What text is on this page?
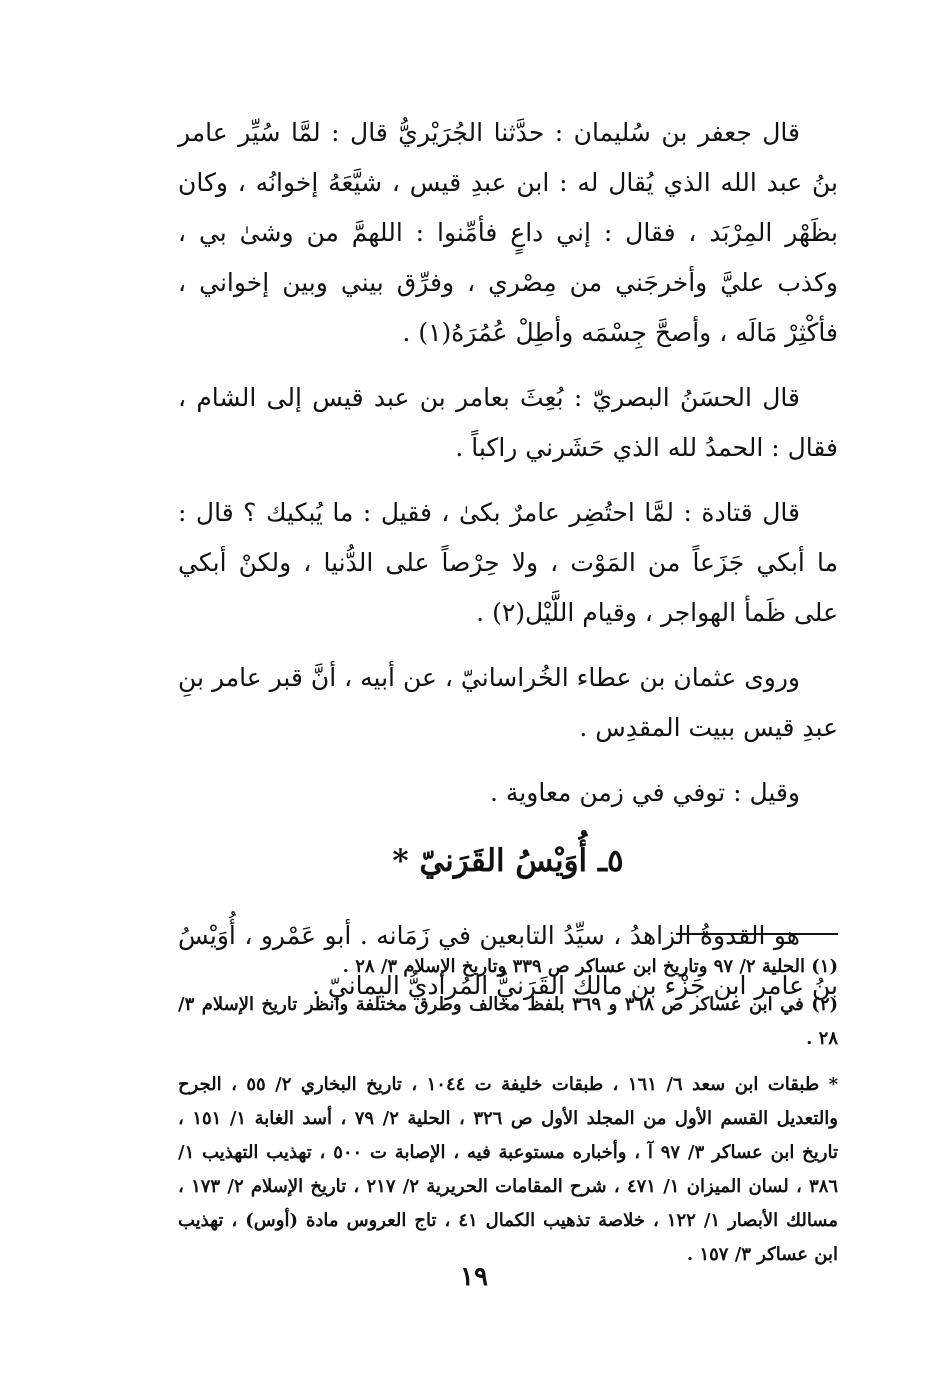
قال جعفر بن سُليمان : حدَّثنا الجُرَيْريُّ قال : لمَّا سُيِّر عامر بنُ عبد الله الذي يُقال له : ابن عبدِ قيس ، شيَّعَهُ إخوانُه ، وكان بظَهْر المِرْبَد ، فقال : إني داعٍ فأمِّنوا : اللهمَّ من وشىٰ بي ، وكذب عليَّ وأخرجَني من مِصْري ، وفرِّق بيني وبين إخواني ، فأكْثِرْ مَالَه ، وأصحَّ جِسْمَه وأطِلْ عُمُرَهُ(١) .

قال الحسَنُ البصريّ : بُعِثَ بعامر بن عبد قيس إلى الشام ، فقال : الحمدُ لله الذي حَشَرني راكباً .

قال قتادة : لمَّا احتُضِر عامرٌ بكىٰ ، فقيل : ما يُبكيك ؟ قال : ما أبكي جَزَعاً من المَوْت ، ولا حِرْصاً على الدُّنيا ، ولكنْ أبكي على ظَمأ الهواجر ، وقيام اللَّيْل(٢) .

وروى عثمان بن عطاء الخُراسانيّ ، عن أبيه ، أنَّ قبر عامر بنِ عبدِ قيس ببيت المقدِس .

وقيل : توفي في زمن معاوية .

٥ـ أُوَيْسُ القَرَنيّ *

هو القدوةُ الزاهدُ ، سيِّدُ التابعين في زَمَانه . أبو عَمْرو ، أُوَيْسُ بنُ عامر ابن جَزْء بن مالك القَرَنيُّ المُراديُّ اليمانيّ .

(١) الحلية ٢/ ٩٧ وتاريخ ابن عساكر ص ٣٣٩ وتاريخ الإسلام ٣/ ٢٨ .

(٢) في ابن عساكر ص ٣٦٨ و ٣٦٩ بلفظ مخالف وطرق مختلفة وانظر تاريخ الإسلام ٣/ ٢٨ .

* طبقات ابن سعد ٦/ ١٦١ ، طبقات خليفة ت ١٠٤٤ ، تاريخ البخاري ٢/ ٥٥ ، الجرح والتعديل القسم الأول من المجلد الأول ص ٣٢٦ ، الحلية ٢/ ٧٩ ، أسد الغابة ١/ ١٥١ ، تاريخ ابن عساكر ٣/ ٩٧ آ ، وأخباره مستوعبة فيه ، الإصابة ت ٥٠٠ ، تهذيب التهذيب ١/ ٣٨٦ ، لسان الميزان ١/ ٤٧١ ، شرح المقامات الحريرية ٢/ ٢١٧ ، تاريخ الإسلام ٢/ ١٧٣ ، مسالك الأبصار ١/ ١٢٢ ، خلاصة تذهيب الكمال ٤١ ، تاج العروس مادة (أوس) ، تهذيب ابن عساكر ٣/ ١٥٧ .

١٩
